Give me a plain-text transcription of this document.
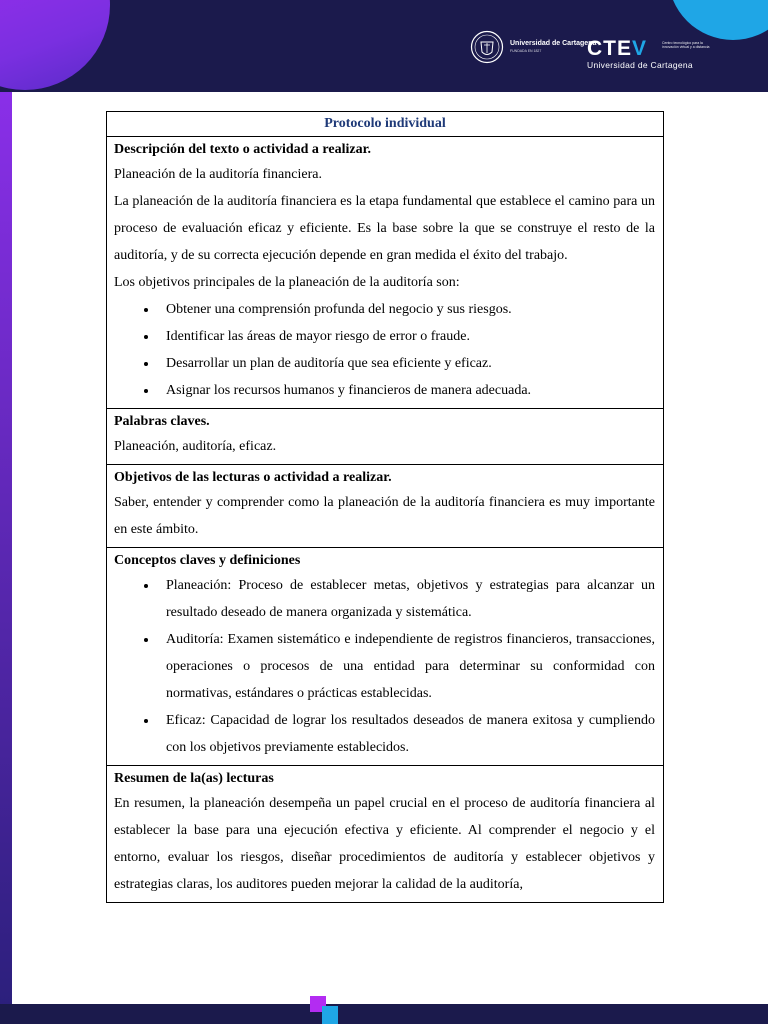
Universidad de Cartagena
FUNDADA EN 1827	CTEV	Centro tecnológico para la innovación virtual y a distancia
Universidad de Cartagena
Protocolo individual

Descripción del texto o actividad a realizar.

Planeación de la auditoría financiera.

La planeación de la auditoría financiera es la etapa fundamental que establece el camino para un proceso de evaluación eficaz y eficiente. Es la base sobre la que se construye el resto de la auditoría, y de su correcta ejecución depende en gran medida el éxito del trabajo.

Los objetivos principales de la planeación de la auditoría son:

• Obtener una comprensión profunda del negocio y sus riesgos.
• Identificar las áreas de mayor riesgo de error o fraude.
• Desarrollar un plan de auditoría que sea eficiente y eficaz.
• Asignar los recursos humanos y financieros de manera adecuada.

Palabras claves.

Planeación, auditoría, eficaz.

Objetivos de las lecturas o actividad a realizar.

Saber, entender y comprender como la planeación de la auditoría financiera es muy importante en este ámbito.

Conceptos claves y definiciones
• Planeación: Proceso de establecer metas, objetivos y estrategias para alcanzar un resultado deseado de manera organizada y sistemática.
• Auditoría: Examen sistemático e independiente de registros financieros, transacciones, operaciones o procesos de una entidad para determinar su conformidad con normativas, estándares o prácticas establecidas.
• Eficaz: Capacidad de lograr los resultados deseados de manera exitosa y cumpliendo con los objetivos previamente establecidos.

Resumen de la(as) lecturas

En resumen, la planeación desempeña un papel crucial en el proceso de auditoría financiera al establecer la base para una ejecución efectiva y eficiente. Al comprender el negocio y el entorno, evaluar los riesgos, diseñar procedimientos de auditoría y establecer objetivos y estrategias claras, los auditores pueden mejorar la calidad de la auditoría,
